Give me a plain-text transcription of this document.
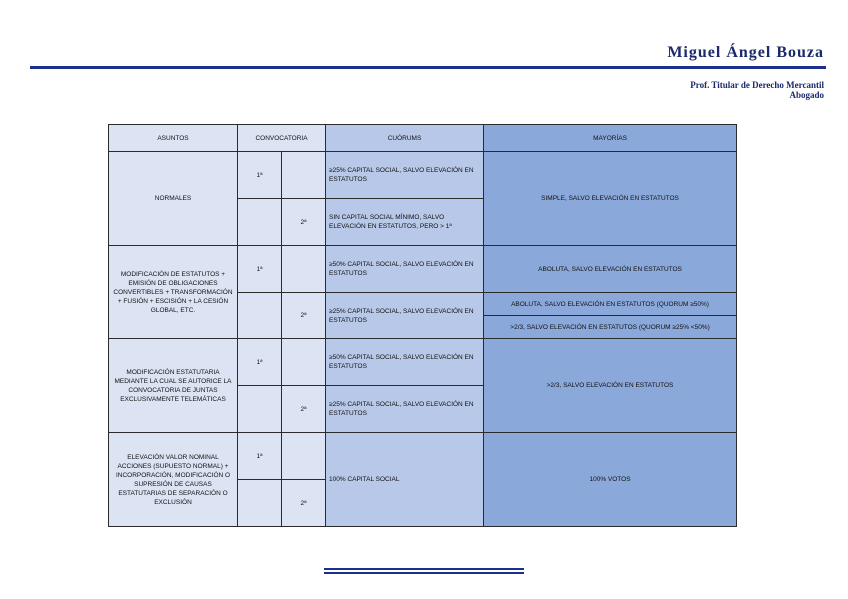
Miguel Ángel Bouza
Prof. Titular de Derecho Mercantil
Abogado
ASUNTOS	CONVOCATORIA		CUÓRUMS	MAYORÍAS
NORMALES	1ª		≥25% CAPITAL SOCIAL, SALVO ELEVACIÓN EN ESTATUTOS	SIMPLE, SALVO ELEVACIÓN EN ESTATUTOS
		2ª	SIN CAPITAL SOCIAL MÍNIMO, SALVO ELEVACIÓN EN ESTATUTOS, PERO > 1ª	
MODIFICACIÓN DE ESTATUTOS + EMISIÓN DE OBLIGACIONES CONVERTIBLES + TRANSFORMACIÓN + FUSIÓN + ESCISIÓN + LA CESIÓN GLOBAL, ETC.	1ª		≥50% CAPITAL SOCIAL, SALVO ELEVACIÓN EN ESTATUTOS	ABOLUTA, SALVO ELEVACIÓN EN ESTATUTOS
		2ª	≥25% CAPITAL SOCIAL, SALVO ELEVACIÓN EN ESTATUTOS	ABOLUTA, SALVO ELEVACIÓN EN ESTATUTOS (QUORUM ≥50%)
				>2/3, SALVO ELEVACIÓN EN ESTATUTOS (QUORUM ≥25% <50%)
MODIFICACIÓN ESTATUTARIA MEDIANTE LA CUAL SE AUTORICE LA CONVOCATORIA DE JUNTAS EXCLUSIVAMENTE TELEMÁTICAS	1ª		≥50% CAPITAL SOCIAL, SALVO ELEVACIÓN EN ESTATUTOS	>2/3, SALVO ELEVACIÓN EN ESTATUTOS
		2ª	≥25% CAPITAL SOCIAL, SALVO ELEVACIÓN EN ESTATUTOS	
ELEVACIÓN VALOR NOMINAL ACCIONES (SUPUESTO NORMAL) + INCORPORACIÓN, MODIFICACIÓN O SUPRESIÓN DE CAUSAS ESTATUTARIAS DE SEPARACIÓN O EXCLUSIÓN	1ª		100% CAPITAL SOCIAL	100% VOTOS
		2ª		
